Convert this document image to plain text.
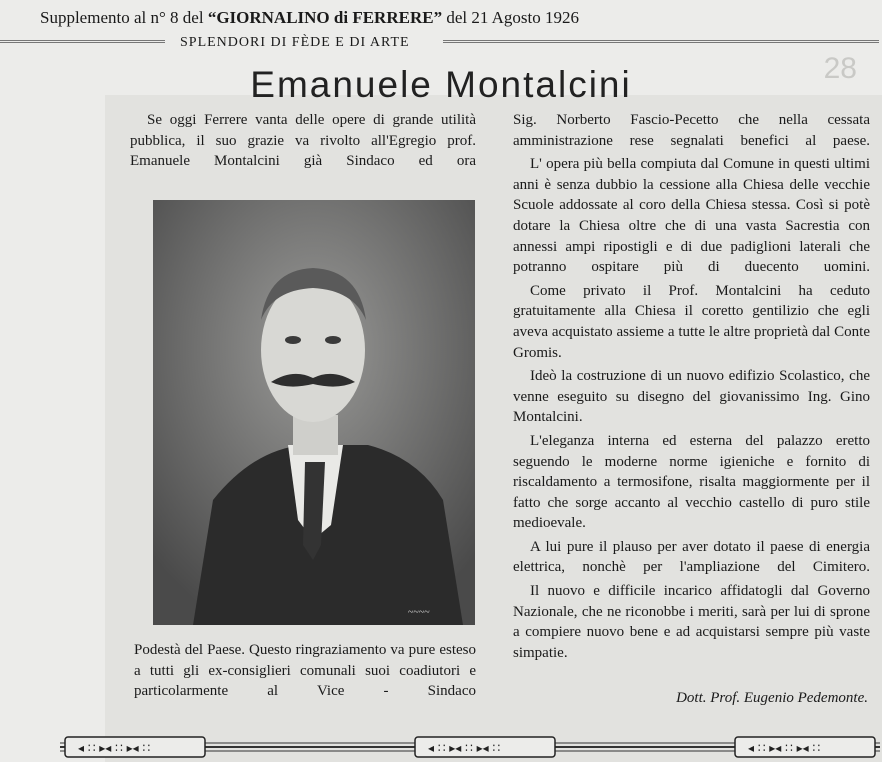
28
Supplemento al n° 8 del “GIORNALINO di FERRERE” del 21 Agosto 1926
SPLENDORI DI FÈDE E DI ARTE
Emanuele Montalcini

Se oggi Ferrere vanta delle opere di grande utilità pubblica, il suo grazie va rivolto all'Egregio prof. Emanuele Montalcini già Sindaco ed ora

~~~~

Podestà del Paese. Questo ringraziamento va pure esteso a tutti gli ex-consiglieri comunali suoi coadiutori e particolarmente al Vice - Sindaco

Sig. Norberto Fascio-Pecetto che nella cessata amministrazione rese segnalati benefici al paese.

L' opera più bella compiuta dal Comune in questi ultimi anni è senza dubbio la cessione alla Chiesa delle vecchie Scuole addossate al coro della Chiesa stessa. Così si potè dotare la Chiesa oltre che di una vasta Sacrestia con annessi ampi ripostigli e di due padiglioni laterali che potranno ospitare più di duecento uomini.

Come privato il Prof. Montalcini ha ceduto gratuitamente alla Chiesa il coretto gentilizio che egli aveva acquistato assieme a tutte le altre proprietà dal Conte Gromis.

Ideò la costruzione di un nuovo edifizio Scolastico, che venne eseguito su disegno del giovanissimo Ing. Gino Montalcini.

L'eleganza interna ed esterna del palazzo eretto seguendo le moderne norme igieniche e fornito di riscaldamento a termosifone, risalta maggiormente per il fatto che sorge accanto al vecchio castello di puro stile medioevale.

A lui pure il plauso per aver dotato il paese di energia elettrica, nonchè per l'ampliazione del Cimitero.

Il nuovo e difficile incarico affidatogli dal Governo Nazionale, che ne riconobbe i meriti, sarà per lui di sprone a compiere nuovo bene e ad acquistarsi sempre più vaste simpatie.

Dott. Prof. Eugenio Pedemonte.
◂ ∷ ▸◂ ∷ ▸◂ ∷	◂ ∷ ▸◂ ∷ ▸◂ ∷	◂ ∷ ▸◂ ∷ ▸◂ ∷
